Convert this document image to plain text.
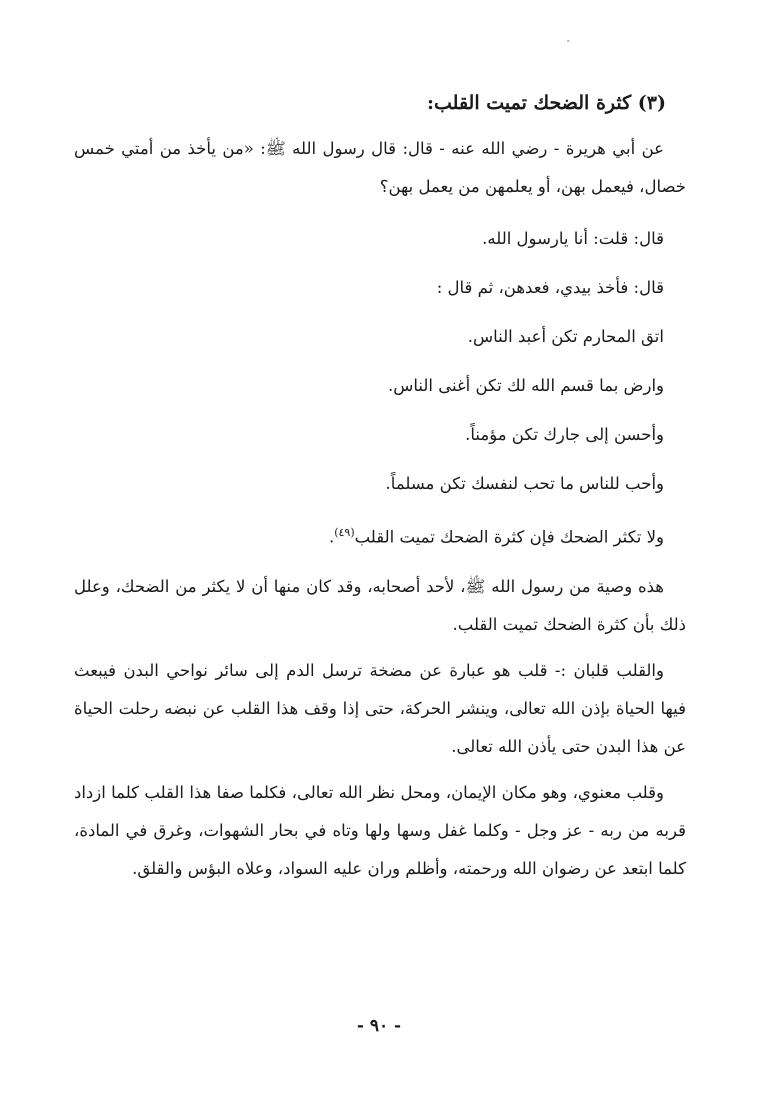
(٣) كثرة الضحك تميت القلب:

عن أبي هريرة - رضي الله عنه - قال: قال رسول الله ﷺ: «من يأخذ من أمتي خمس خصال، فيعمل بهن، أو يعلمهن من يعمل بهن؟

قال: قلت: أنا يارسول الله.
قال: فأخذ بيدي، فعدهن، ثم قال :
اتق المحارم تكن أعبد الناس.
وارض بما قسم الله لك تكن أغنى الناس.
وأحسن إلى جارك تكن مؤمناً.
وأحب للناس ما تحب لنفسك تكن مسلماً.
ولا تكثر الضحك فإن كثرة الضحك تميت القلب$^{(٤٩)}$.

هذه وصية من رسول الله ﷺ، لأحد أصحابه، وقد كان منها أن لا يكثر من الضحك، وعلل ذلك بأن كثرة الضحك تميت القلب.

والقلب قلبان :- قلب هو عبارة عن مضخة ترسل الدم إلى سائر نواحي البدن فيبعث فيها الحياة بإذن الله تعالى، وينشر الحركة، حتى إذا وقف هذا القلب عن نبضه رحلت الحياة عن هذا البدن حتى يأذن الله تعالى.

وقلب معنوي، وهو مكان الإيمان، ومحل نظر الله تعالى، فكلما صفا هذا القلب كلما ازداد قربه من ربه - عز وجل - وكلما غفل وسها ولها وتاه في بحار الشهوات، وغرق في المادة، كلما ابتعد عن رضوان الله ورحمته، وأظلم وران عليه السواد، وعلاه البؤس والقلق.

- ٩٠ -
